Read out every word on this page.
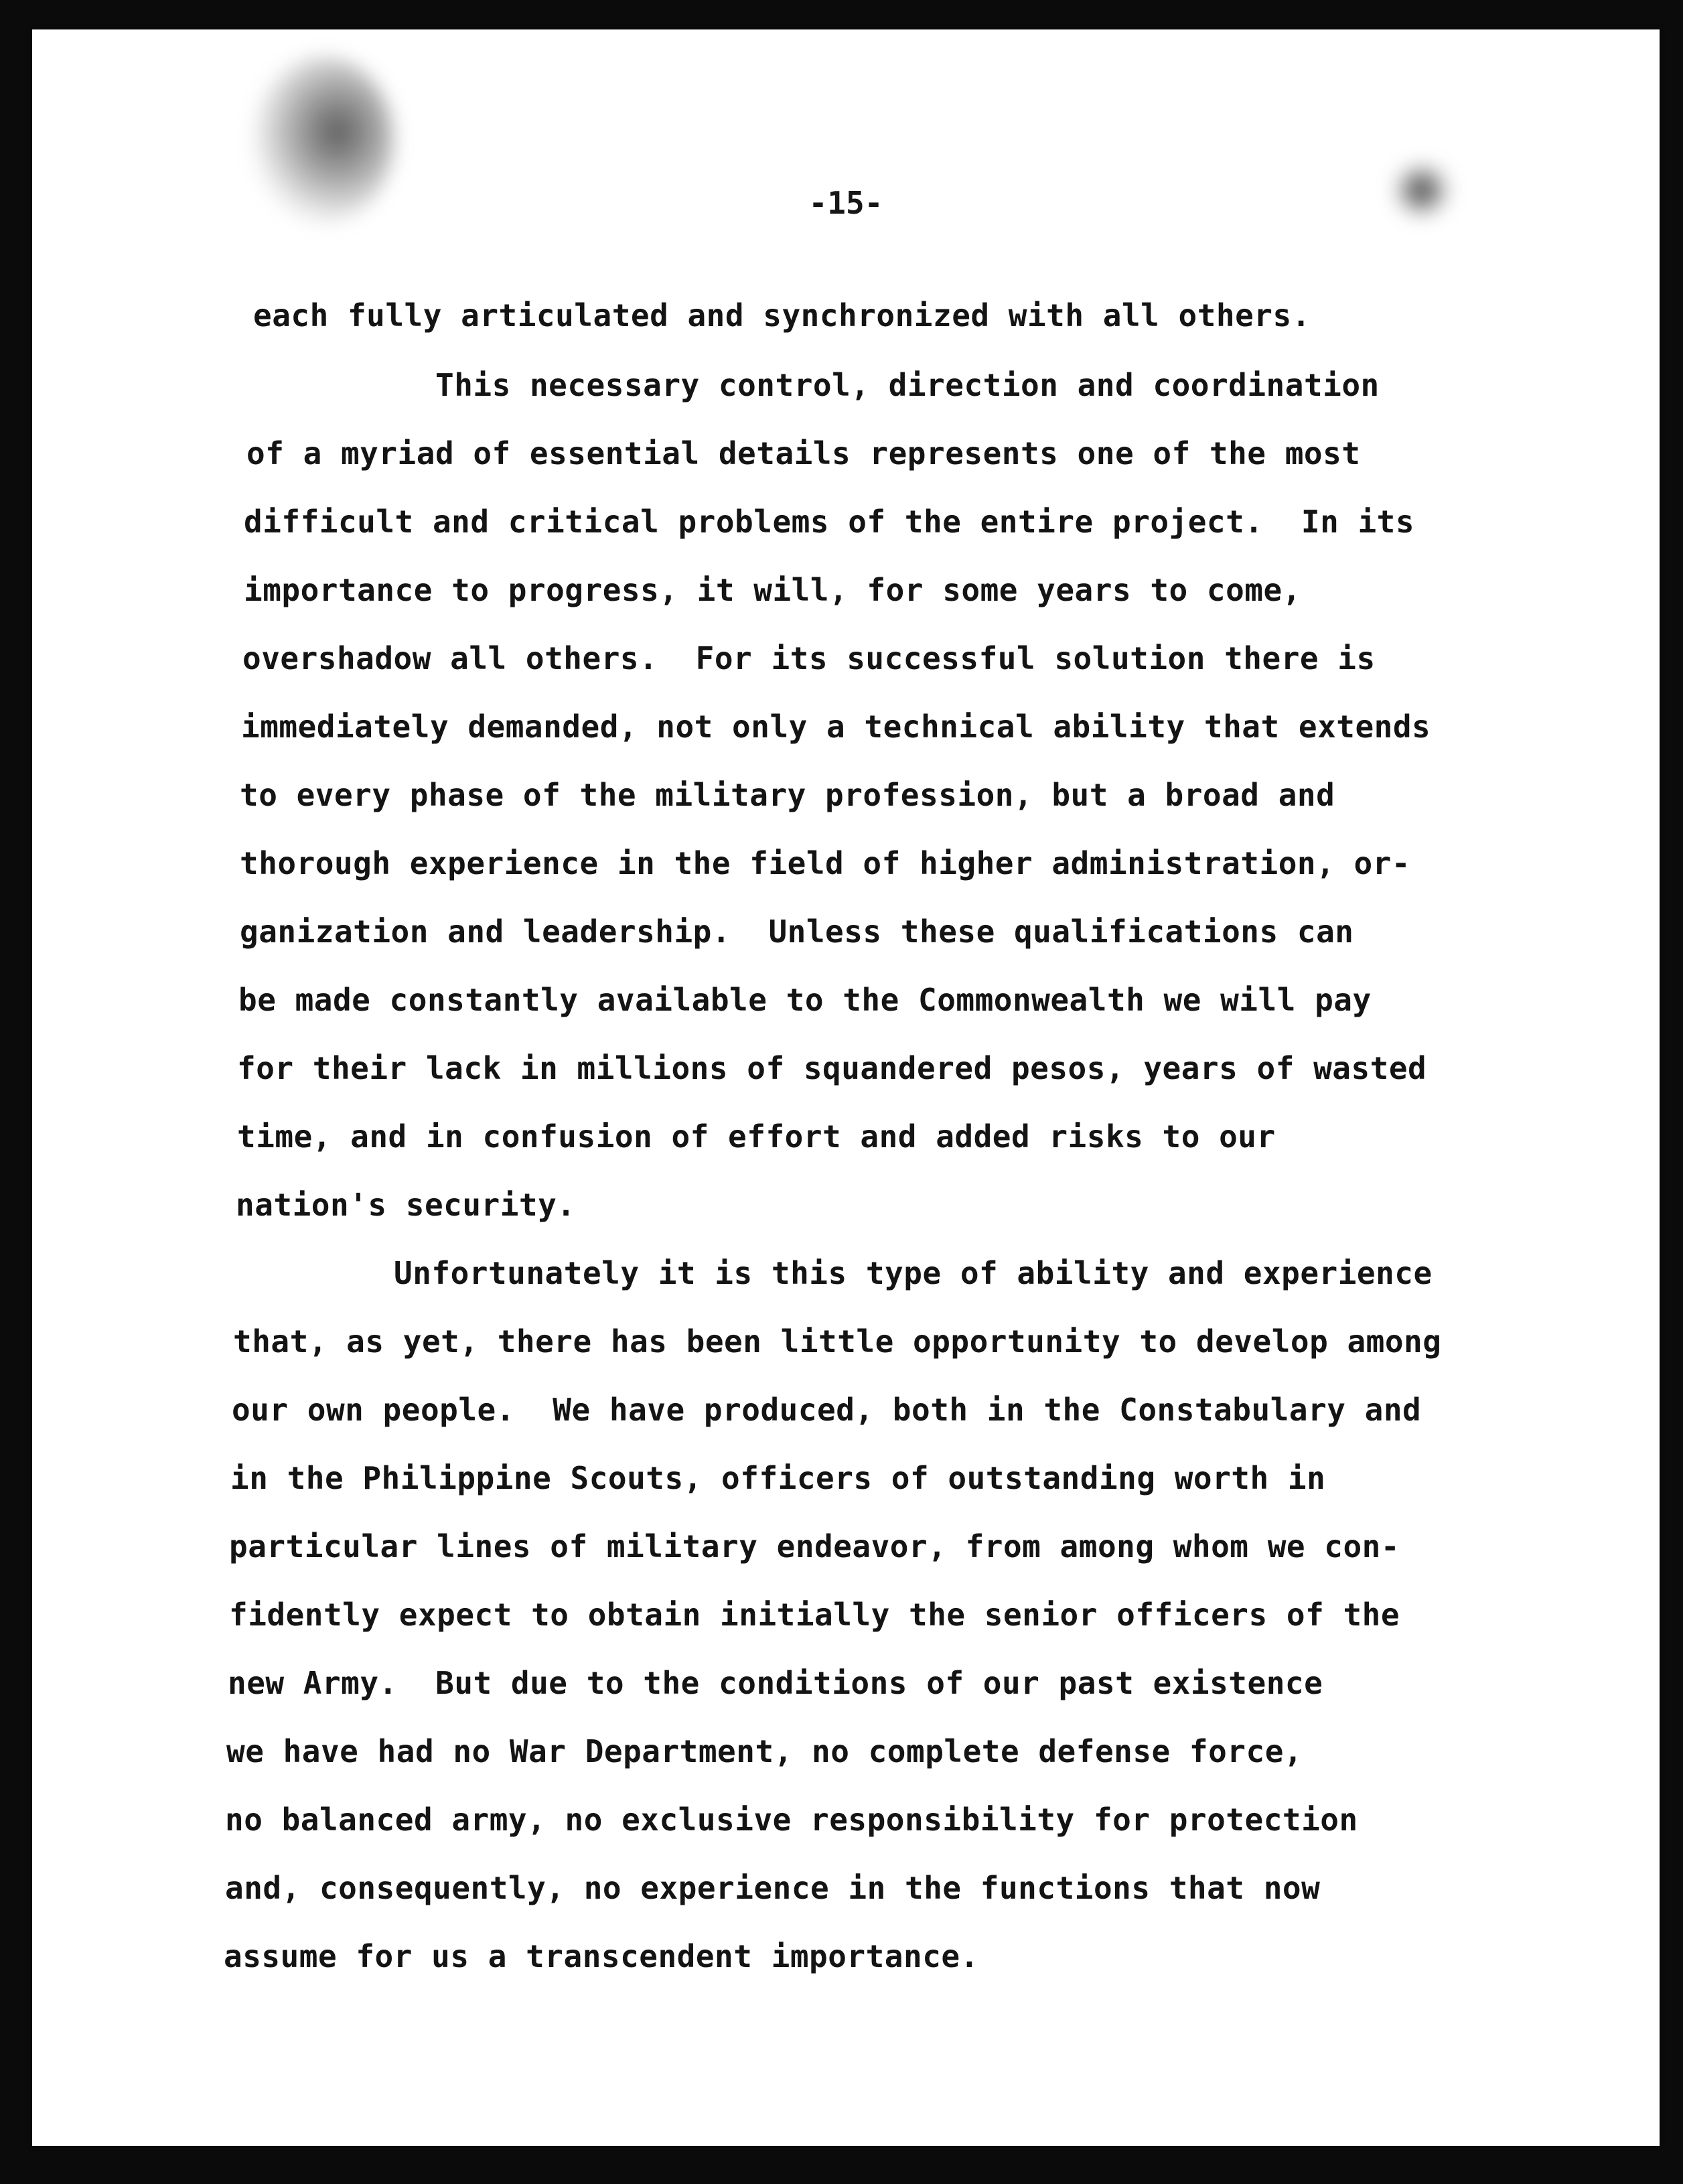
-15-
each fully articulated and synchronized with all others.
This necessary control, direction and coordination
of a myriad of essential details represents one of the most
difficult and critical problems of the entire project.  In its
importance to progress, it will, for some years to come,
overshadow all others.  For its successful solution there is
immediately demanded, not only a technical ability that extends
to every phase of the military profession, but a broad and
thorough experience in the field of higher administration, or-
ganization and leadership.  Unless these qualifications can
be made constantly available to the Commonwealth we will pay
for their lack in millions of squandered pesos, years of wasted
time, and in confusion of effort and added risks to our
nation's security.
Unfortunately it is this type of ability and experience
that, as yet, there has been little opportunity to develop among
our own people.  We have produced, both in the Constabulary and
in the Philippine Scouts, officers of outstanding worth in
particular lines of military endeavor, from among whom we con-
fidently expect to obtain initially the senior officers of the
new Army.  But due to the conditions of our past existence
we have had no War Department, no complete defense force,
no balanced army, no exclusive responsibility for protection
and, consequently, no experience in the functions that now
assume for us a transcendent importance.
